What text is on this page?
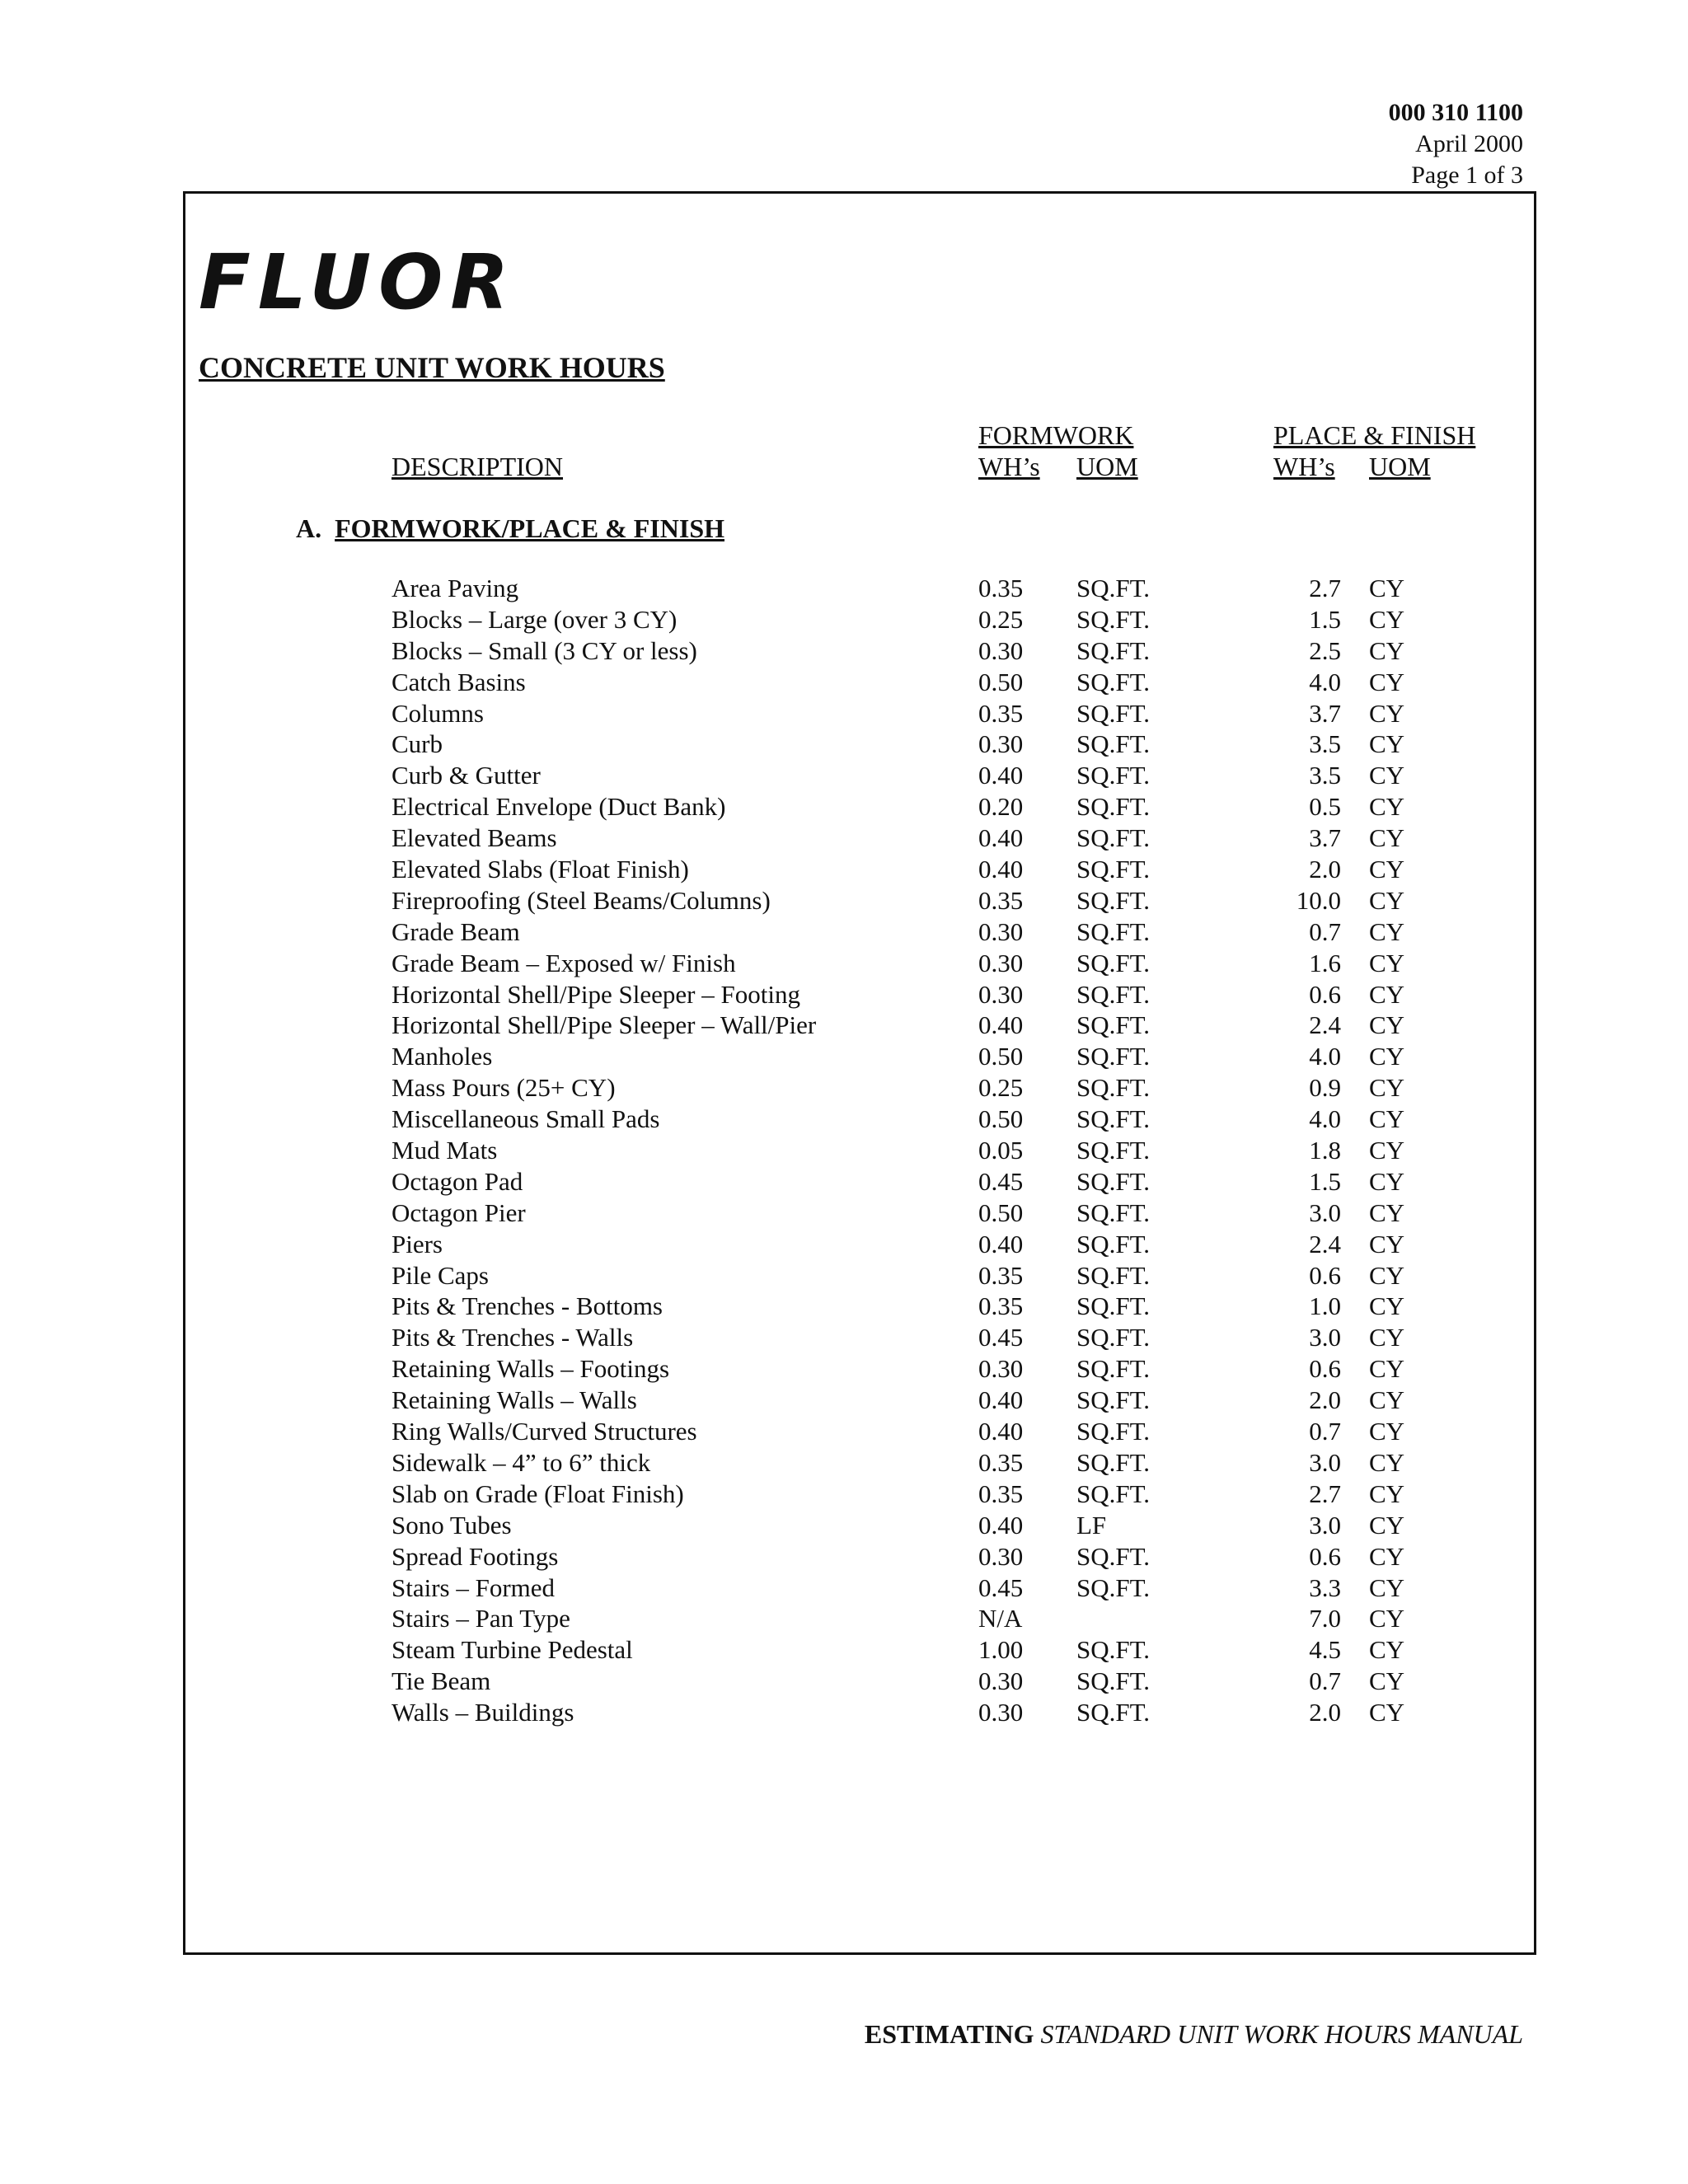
000 310 1100
April 2000
Page 1 of 3
FLUOR
CONCRETE UNIT WORK HOURS
FORMWORK	PLACE & FINISH
DESCRIPTION	WH’s UOM	WH’s UOM
A. FORMWORK/PLACE & FINISH
Area Paving	0.35 SQ.FT.	2.7 CY
Blocks – Large (over 3 CY)	0.25 SQ.FT.	1.5 CY
Blocks – Small (3 CY or less)	0.30 SQ.FT.	2.5 CY
Catch Basins	0.50 SQ.FT.	4.0 CY
Columns	0.35 SQ.FT.	3.7 CY
Curb	0.30 SQ.FT.	3.5 CY
Curb & Gutter	0.40 SQ.FT.	3.5 CY
Electrical Envelope (Duct Bank)	0.20 SQ.FT.	0.5 CY
Elevated Beams	0.40 SQ.FT.	3.7 CY
Elevated Slabs (Float Finish)	0.40 SQ.FT.	2.0 CY
Fireproofing (Steel Beams/Columns)	0.35 SQ.FT.	10.0 CY
Grade Beam	0.30 SQ.FT.	0.7 CY
Grade Beam – Exposed w/ Finish	0.30 SQ.FT.	1.6 CY
Horizontal Shell/Pipe Sleeper – Footing	0.30 SQ.FT.	0.6 CY
Horizontal Shell/Pipe Sleeper – Wall/Pier	0.40 SQ.FT.	2.4 CY
Manholes	0.50 SQ.FT.	4.0 CY
Mass Pours (25+ CY)	0.25 SQ.FT.	0.9 CY
Miscellaneous Small Pads	0.50 SQ.FT.	4.0 CY
Mud Mats	0.05 SQ.FT.	1.8 CY
Octagon Pad	0.45 SQ.FT.	1.5 CY
Octagon Pier	0.50 SQ.FT.	3.0 CY
Piers	0.40 SQ.FT.	2.4 CY
Pile Caps	0.35 SQ.FT.	0.6 CY
Pits & Trenches - Bottoms	0.35 SQ.FT.	1.0 CY
Pits & Trenches - Walls	0.45 SQ.FT.	3.0 CY
Retaining Walls – Footings	0.30 SQ.FT.	0.6 CY
Retaining Walls – Walls	0.40 SQ.FT.	2.0 CY
Ring Walls/Curved Structures	0.40 SQ.FT.	0.7 CY
Sidewalk – 4” to 6” thick	0.35 SQ.FT.	3.0 CY
Slab on Grade (Float Finish)	0.35 SQ.FT.	2.7 CY
Sono Tubes	0.40 LF	3.0 CY
Spread Footings	0.30 SQ.FT.	0.6 CY
Stairs – Formed	0.45 SQ.FT.	3.3 CY
Stairs – Pan Type	N/A	7.0 CY
Steam Turbine Pedestal	1.00 SQ.FT.	4.5 CY
Tie Beam	0.30 SQ.FT.	0.7 CY
Walls – Buildings	0.30 SQ.FT.	2.0 CY
ESTIMATING STANDARD UNIT WORK HOURS MANUAL
